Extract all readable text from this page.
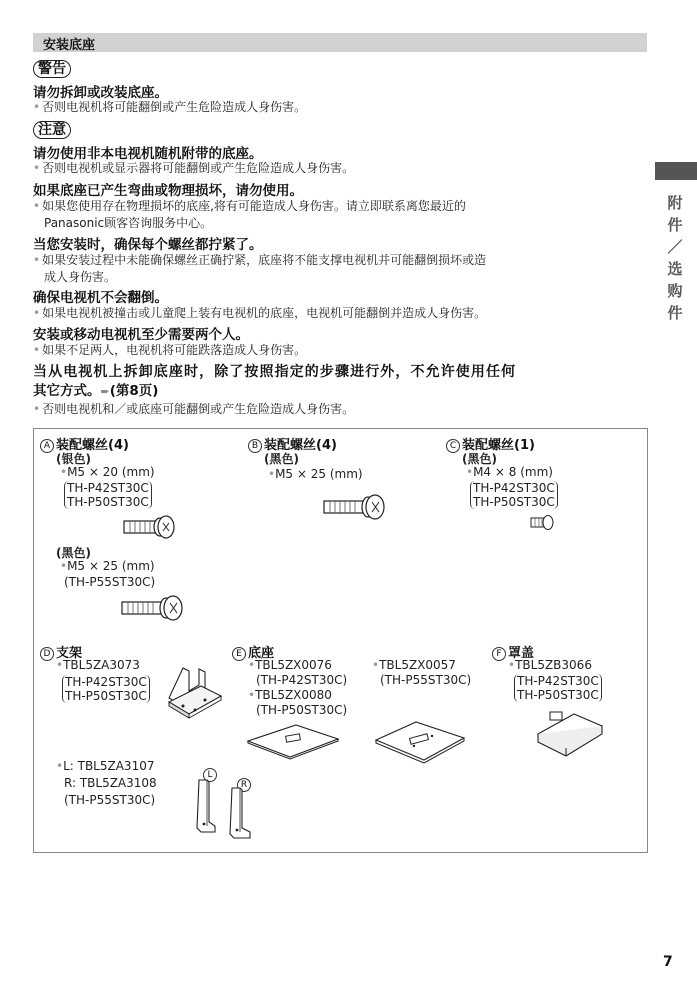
安装底座
警告
请勿拆卸或改装底座。
• 否则电视机将可能翻倒或产生危险造成人身伤害。
注意
请勿使用非本电视机随机附带的底座。
• 否则电视机或显示器将可能翻倒或产生危险造成人身伤害。
如果底座已产生弯曲或物理损坏，请勿使用。
• 如果您使用存在物理损坏的底座,将有可能造成人身伤害。请立即联系离您最近的
Panasonic顾客咨询服务中心。
当您安装时，确保每个螺丝都拧紧了。
• 如果安装过程中未能确保螺丝正确拧紧，底座将不能支撑电视机并可能翻倒损坏或造
成人身伤害。
确保电视机不会翻倒。
• 如果电视机被撞击或儿童爬上装有电视机的底座，电视机可能翻倒并造成人身伤害。
安装或移动电视机至少需要两个人。
• 如果不足两人，电视机将可能跌落造成人身伤害。
当从电视机上拆卸底座时，除了按照指定的步骤进行外，不允许使用任何
其它方式。➨(第8页)
• 否则电视机和／或底座可能翻倒或产生危险造成人身伤害。
附
件
／
选
购
件
A 装配螺丝(4)
(银色)
•M5 × 20 (mm)
TH-P42ST30C
TH-P50ST30C
(黑色)
•M5 × 25 (mm)
(TH-P55ST30C)
B 装配螺丝(4)
(黑色)
•M5 × 25 (mm)
C 装配螺丝(1)
(黑色)
•M4 × 8 (mm)
TH-P42ST30C
TH-P50ST30C
D 支架
•TBL5ZA3073
TH-P42ST30C
TH-P50ST30C
•L: TBL5ZA3107
R: TBL5ZA3108
(TH-P55ST30C)
L
R
E 底座
•TBL5ZX0076
(TH-P42ST30C)
•TBL5ZX0080
(TH-P50ST30C)
•TBL5ZX0057
(TH-P55ST30C)
F 罩盖
•TBL5ZB3066
TH-P42ST30C
TH-P50ST30C
7
